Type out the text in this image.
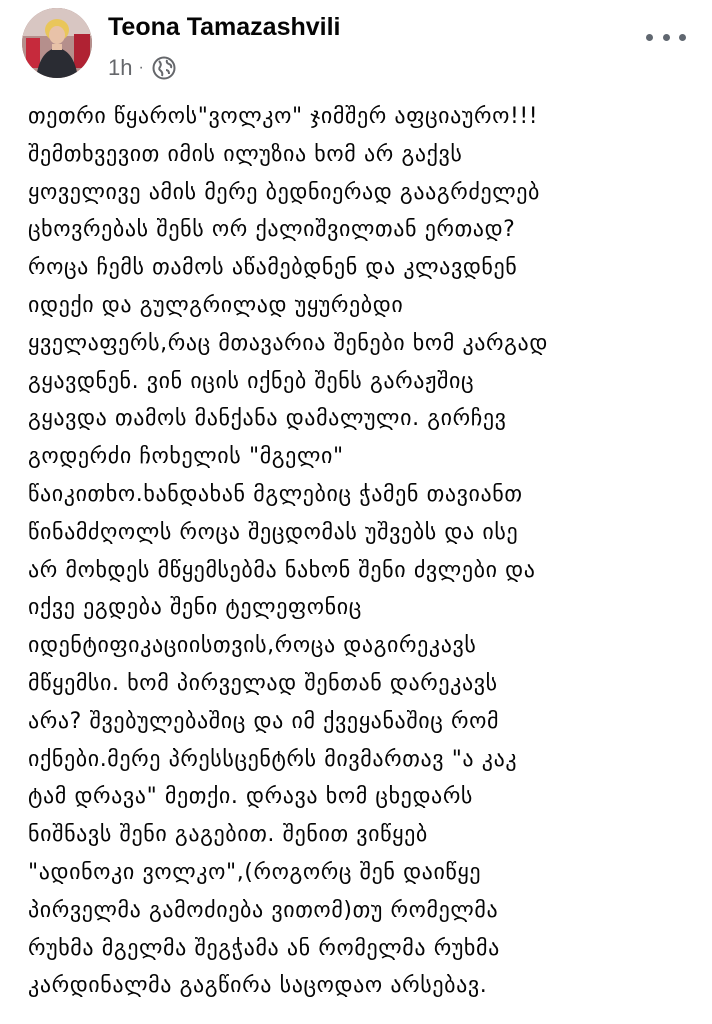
Teona Tamazashvili
1h ·
თეთრი წყაროს"ვოლკო" ჯიმშერ აფციაურო!!!
შემთხვევით იმის ილუზია ხომ არ გაქვს
ყოველივე ამის მერე ბედნიერად გააგრძელებ
ცხოვრებას შენს ორ ქალიშვილთან ერთად?
როცა ჩემს თამოს აწამებდნენ და კლავდნენ
იდექი და გულგრილად უყურებდი
ყველაფერს,რაც მთავარია შენები ხომ კარგად
გყავდნენ. ვინ იცის იქნებ შენს გარაჟშიც
გყავდა თამოს მანქანა დამალული. გირჩევ
გოდერძი ჩოხელის "მგელი"
წაიკითხო.ხანდახან მგლებიც ჭამენ თავიანთ
წინამძღოლს როცა შეცდომას უშვებს და ისე
არ მოხდეს მწყემსებმა ნახონ შენი ძვლები და
იქვე ეგდება შენი ტელეფონიც
იდენტიფიკაციისთვის,როცა დაგირეკავს
მწყემსი. ხომ პირველად შენთან დარეკავს
არა? შვებულებაშიც და იმ ქვეყანაშიც რომ
იქნები.მერე პრესსცენტრს მივმართავ "ა კაკ
ტამ დრავა" მეთქი. დრავა ხომ ცხედარს
ნიშნავს შენი გაგებით. შენით ვიწყებ
"ადინოკი ვოლკო",(როგორც შენ დაიწყე
პირველმა გამოძიება ვითომ)თუ რომელმა
რუხმა მგელმა შეგჭამა ან რომელმა რუხმა
კარდინალმა გაგწირა საცოდაო არსებავ.
